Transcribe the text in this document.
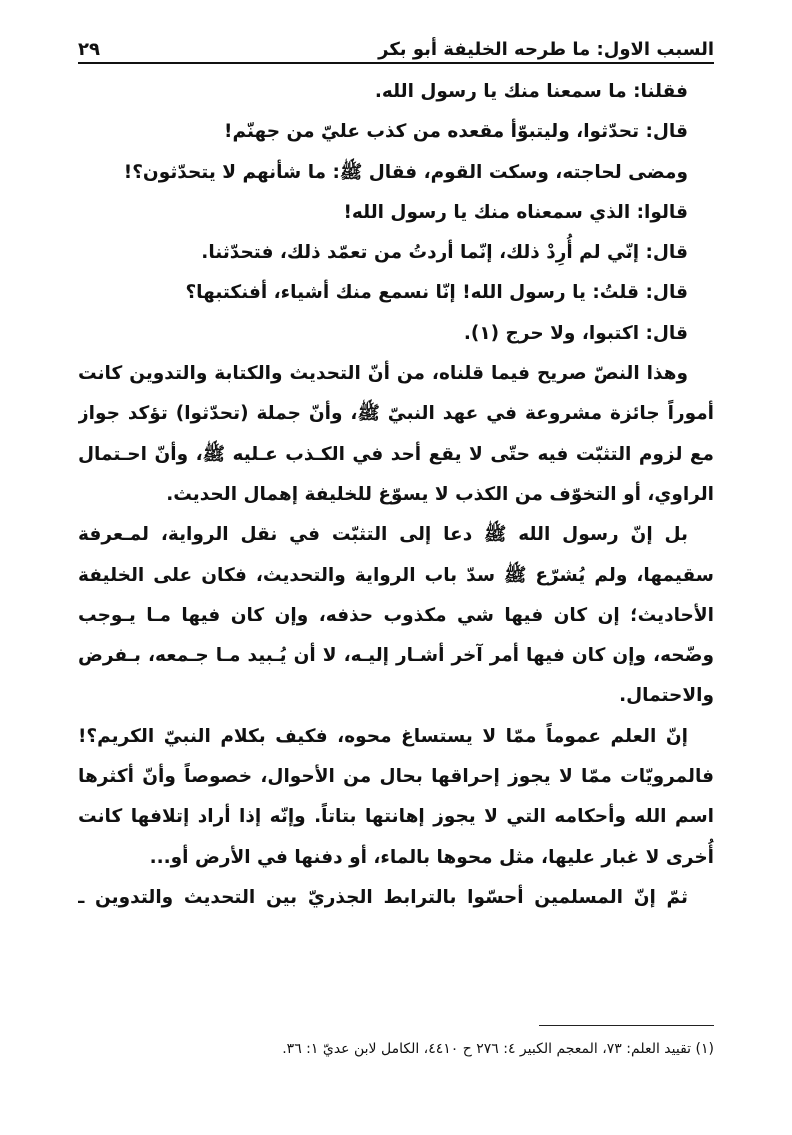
السبب الاول: ما طرحه الخليفة أبو بكر
٢٩
فقلنا: ما سمعنا منك يا رسول الله.
قال: تحدّثوا، وليتبوّأ مقعده من كذب عليّ من جهنّم!
ومضى لحاجته، وسكت القوم، فقال ﷺ: ما شأنهم لا يتحدّثون؟!
قالوا: الذي سمعناه منك يا رسول الله!
قال: إنّي لم أُرِدْ ذلك، إنّما أردتُ من تعمّد ذلك، فتحدّثنا.
قال: قلتُ: يا رسول الله! إنّا نسمع منك أشياء، أفنكتبها؟
قال: اكتبوا، ولا حرج (١).
وهذا النصّ صريح فيما قلناه، من أنّ التحديث والكتابة والتدوين كانت
أموراً جائزة مشروعة في عهد النبيّ ﷺ، وأنّ جملة (تحدّثوا) تؤكد جواز
مع لزوم التثبّت فيه حتّى لا يقع أحد في الكـذب عـليه ﷺ، وأنّ احـتمال
الراوي، أو التخوّف من الكذب لا يسوّغ للخليفة إهمال الحديث.
بل إنّ رسول الله ﷺ دعا إلى التثبّت في نقل الرواية، لمـعرفة
سقيمها، ولم يُشرّع ﷺ سدّ باب الرواية والتحديث، فكان على الخليفة
الأحاديث؛ إن كان فيها شي مكذوب حذفه، وإن كان فيها مـا يـوجب
وضّحه، وإن كان فيها أمر آخر أشـار إليـه، لا أن يُـبيد مـا جـمعه، بـفرض
والاحتمال.
إنّ العلم عموماً ممّا لا يستساغ محوه، فكيف بكلام النبيّ الكريم؟!
فالمرويّات ممّا لا يجوز إحراقها بحال من الأحوال، خصوصاً وأنّ أكثرها
اسم الله وأحكامه التي لا يجوز إهانتها بتاتاً. وإنّه إذا أراد إتلافها كانت
أُخرى لا غبار عليها، مثل محوها بالماء، أو دفنها في الأرض أو...
ثمّ إنّ المسلمين أحسّوا بالترابط الجذريّ بين التحديث والتدوين ـ
(١) تقييد العلم: ٧٣، المعجم الكبير ٤: ٢٧٦ ح ٤٤١٠، الكامل لابن عديّ ١: ٣٦.
